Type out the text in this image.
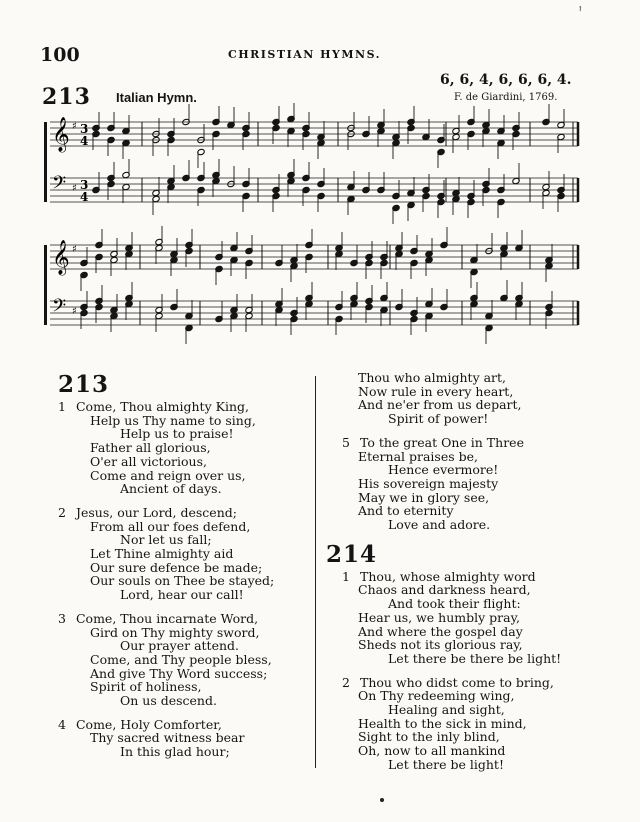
ꜛ
100	CHRISTIAN HYMNS.
213 Italian Hymn.
6, 6, 4, 6, 6, 6, 4.
F. de Giardini, 1769.
𝄞 ♯ 3
4
𝄢 ♯ 3
4
𝄞 ♯
𝄢 ♯
213
1 Come, Thou almighty King,
Help us Thy name to sing,
Help us to praise!
Father all glorious,
O'er all victorious,
Come and reign over us,
Ancient of days.
2 Jesus, our Lord, descend;
From all our foes defend,
Nor let us fall;
Let Thine almighty aid
Our sure defence be made;
Our souls on Thee be stayed;
Lord, hear our call!
3 Come, Thou incarnate Word,
Gird on Thy mighty sword,
Our prayer attend.
Come, and Thy people bless,
And give Thy Word success;
Spirit of holiness,
On us descend.
4 Come, Holy Comforter,
Thy sacred witness bear
In this glad hour;
Thou who almighty art,
Now rule in every heart,
And ne'er from us depart,
Spirit of power!
5 To the great One in Three
Eternal praises be,
Hence evermore!
His sovereign majesty
May we in glory see,
And to eternity
Love and adore.
214
1 Thou, whose almighty word
Chaos and darkness heard,
And took their flight:
Hear us, we humbly pray,
And where the gospel day
Sheds not its glorious ray,
Let there be there be light!
2 Thou who didst come to bring,
On Thy redeeming wing,
Healing and sight,
Health to the sick in mind,
Sight to the inly blind,
Oh, now to all mankind
Let there be light!
